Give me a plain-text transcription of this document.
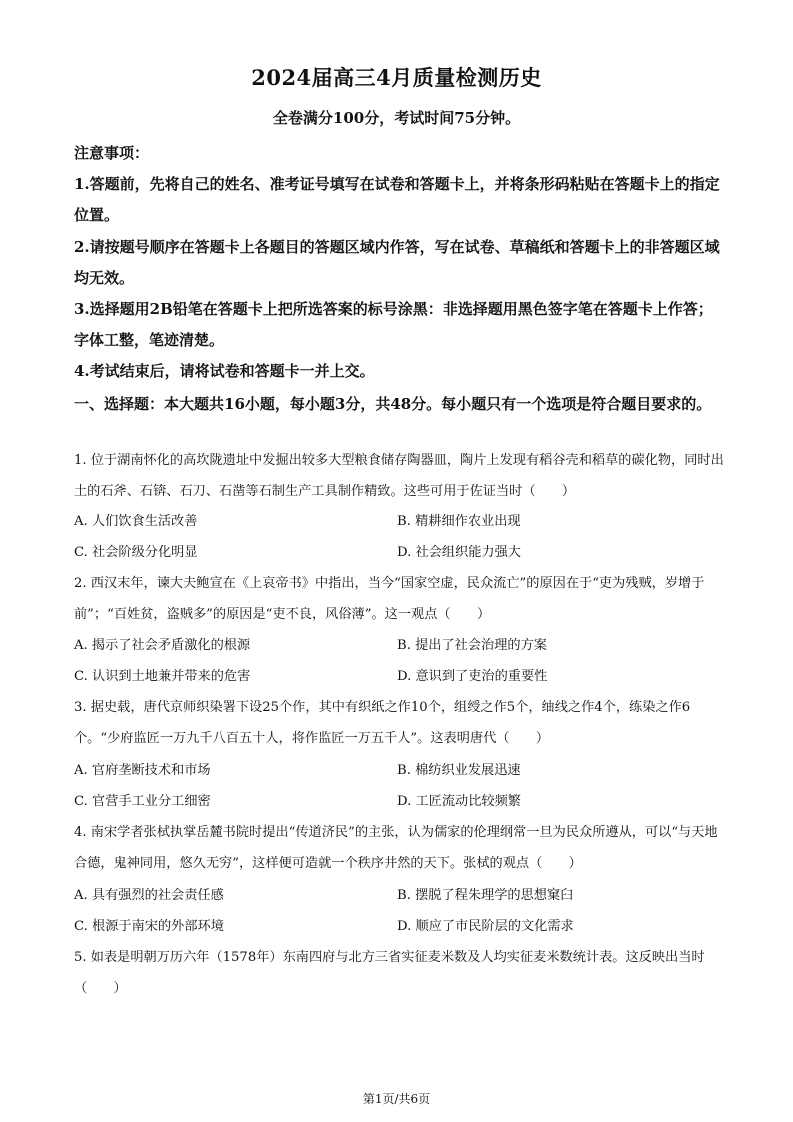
2024届高三4月质量检测历史
全卷满分100分，考试时间75分钟。

注意事项：

1.答题前，先将自己的姓名、准考证号填写在试卷和答题卡上，并将条形码粘贴在答题卡上的指定位置。

2.请按题号顺序在答题卡上各题目的答题区域内作答，写在试卷、草稿纸和答题卡上的非答题区域均无效。

3.选择题用2B铅笔在答题卡上把所选答案的标号涂黑：非选择题用黑色签字笔在答题卡上作答；字体工整，笔迹清楚。

4.考试结束后，请将试卷和答题卡一并上交。

一、选择题：本大题共16小题，每小题3分，共48分。每小题只有一个选项是符合题目要求的。

1. 位于湖南怀化的高坎陇遗址中发掘出较多大型粮食储存陶器皿，陶片上发现有稻谷壳和稻草的碳化物，同时出土的石斧、石锛、石刀、石凿等石制生产工具制作精致。这些可用于佐证当时（　　）

A. 人们饮食生活改善	B. 精耕细作农业出现
C. 社会阶级分化明显	D. 社会组织能力强大

2. 西汉末年，谏大夫鲍宣在《上哀帝书》中指出，当今“国家空虚，民众流亡”的原因在于“吏为残贼，岁增于前”；“百姓贫，盗贼多”的原因是“吏不良，风俗薄”。这一观点（　　）

A. 揭示了社会矛盾激化的根源	B. 提出了社会治理的方案
C. 认识到土地兼并带来的危害	D. 意识到了吏治的重要性

3. 据史载，唐代京师织染署下设25个作，其中有织纸之作10个，组绶之作5个，䌷线之作4个，练染之作6个。“少府监匠一万九千八百五十人，将作监匠一万五千人”。这表明唐代（　　）

A. 官府垄断技术和市场	B. 棉纺织业发展迅速
C. 官营手工业分工细密	D. 工匠流动比较频繁

4. 南宋学者张栻执掌岳麓书院时提出“传道济民”的主张，认为儒家的伦理纲常一旦为民众所遵从，可以“与天地合德，鬼神同用，悠久无穷”，这样便可造就一个秩序井然的天下。张栻的观点（　　）

A. 具有强烈的社会责任感	B. 摆脱了程朱理学的思想窠臼
C. 根源于南宋的外部环境	D. 顺应了市民阶层的文化需求

5. 如表是明朝万历六年（1578年）东南四府与北方三省实征麦米数及人均实征麦米数统计表。这反映出当时（　　）

第1页/共6页
